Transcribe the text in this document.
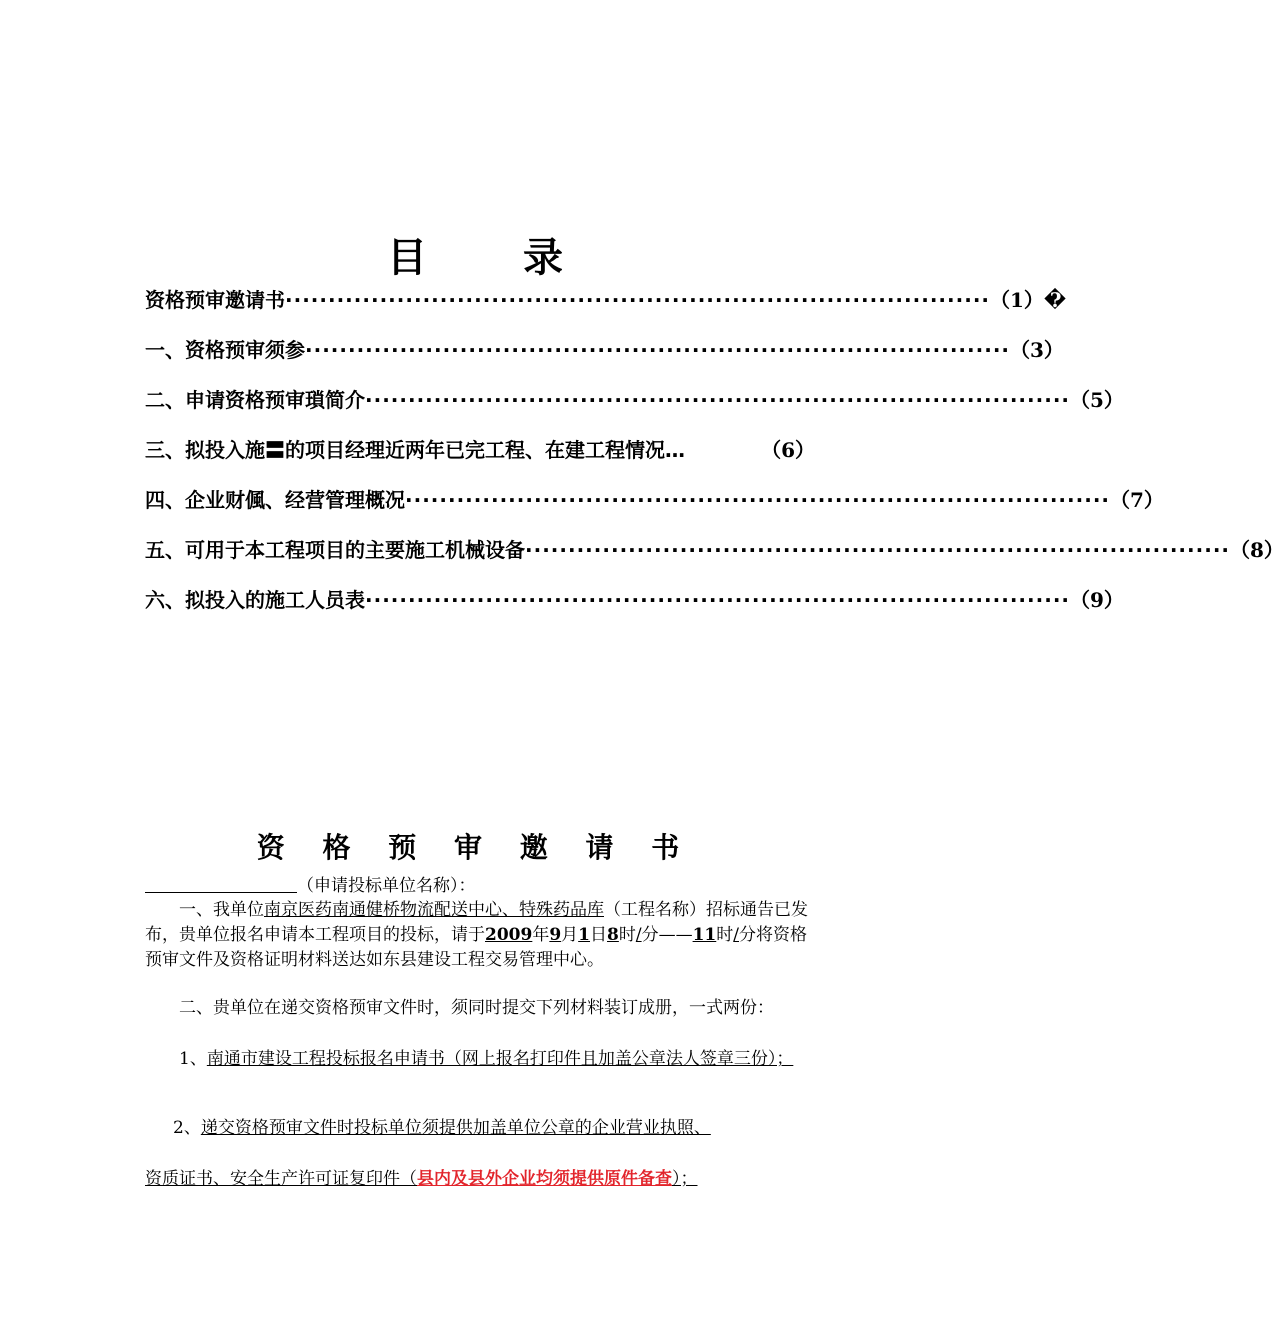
目 录
资格预审邀请书 ·················································································· （1）�
一、资格预审须参 ·················································································· （3）
二、申请资格预审瑣简介 ·················································································· （5）
三、拟投入施〓的项目经理近两年已完工程、在建工程情况…	（6）
四、企业财偑、经营管理概况 ·················································································· （7）
五、可用于本工程项目的主要施工机械设备 ·················································································· （8）
六、拟投入的施工人员表 ·················································································· （9）
资 格 预 审 邀 请 书
（申请投标单位名称）：
一、我单位南京医药南通健桥物流配送中心、特殊药品库（工程名称）招标通告已发布，贵单位报名申请本工程项目的投标，请于2009年9月1日8时/分——11时/分将资格预审文件及资格证明材料送达如东县建设工程交易管理中心。
二、贵单位在递交资格预审文件时，须同时提交下列材料装订成册，一式两份：
1、南通市建设工程投标报名申请书（网上报名打印件且加盖公章法人签章三份）；
2、递交资格预审文件时投标单位须提供加盖单位公章的企业营业执照、
资质证书、安全生产许可证复印件（县内及县外企业均须提供原件备查）；
